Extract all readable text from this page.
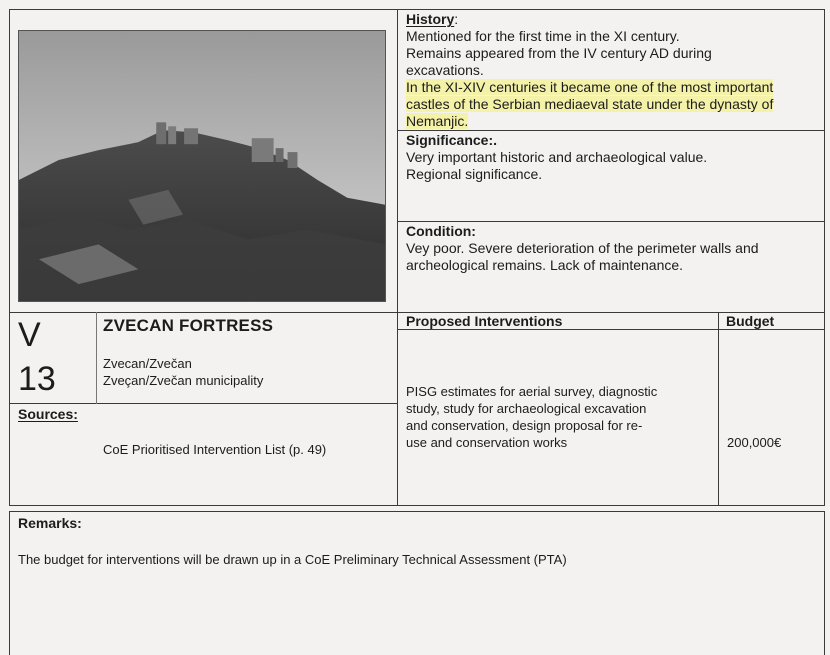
History:
Mentioned for the first time in the XI century.
Remains appeared from the IV century AD during
excavations.
In the XI-XIV centuries it became one of the most important
castles of the Serbian mediaeval state under the dynasty of
Nemanjic.
Significance:.
Very important historic and archaeological value.
Regional significance.
Condition:
Vey poor. Severe deterioration of the perimeter walls and
archeological remains. Lack of maintenance.
V
13
ZVECAN FORTRESS
Zvecan/Zvečan
Zveçan/Zvečan municipality
Sources:
CoE Prioritised Intervention List (p. 49)
Proposed Interventions
PISG estimates for aerial survey, diagnostic
study, study for archaeological excavation
and conservation, design proposal for re-
use and conservation works
Budget
200,000€
Remarks:
The budget for interventions will be drawn up in a CoE Preliminary Technical Assessment (PTA)
